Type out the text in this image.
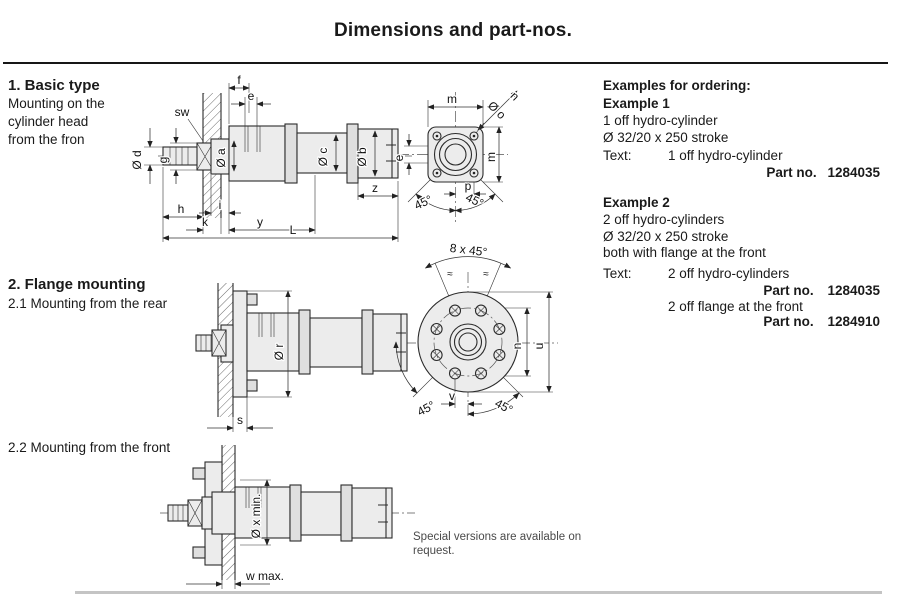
Dimensions and part-nos.
1. Basic type
Mounting on the
cylinder head
from the fron
2. Flange mounting
2.1 Mounting from the rear
2.2 Mounting from the front
Examples for ordering:
Example 1
1 off hydro-cylinder
Ø 32/20 x 250 stroke
Text:	1 off hydro-cylinder
Part no. 1284035
Example 2
2 off hydro-cylinders
Ø 32/20 x 250 stroke
both with flange at the front
Text:	2 off hydro-cylinders
Part no. 1284035
2 off flange at the front
Part no. 1284910
Special versions are available on
request.
f
e
sw
Ø d g	Ø a	Ø c Ø b
z
h	i
k	y
L
m	n
Ø o
e	m
p
45° 45°
Ø r
s
8 x 45°
≈	≈
n u
v
45°	45°
Ø x min.
w max.
